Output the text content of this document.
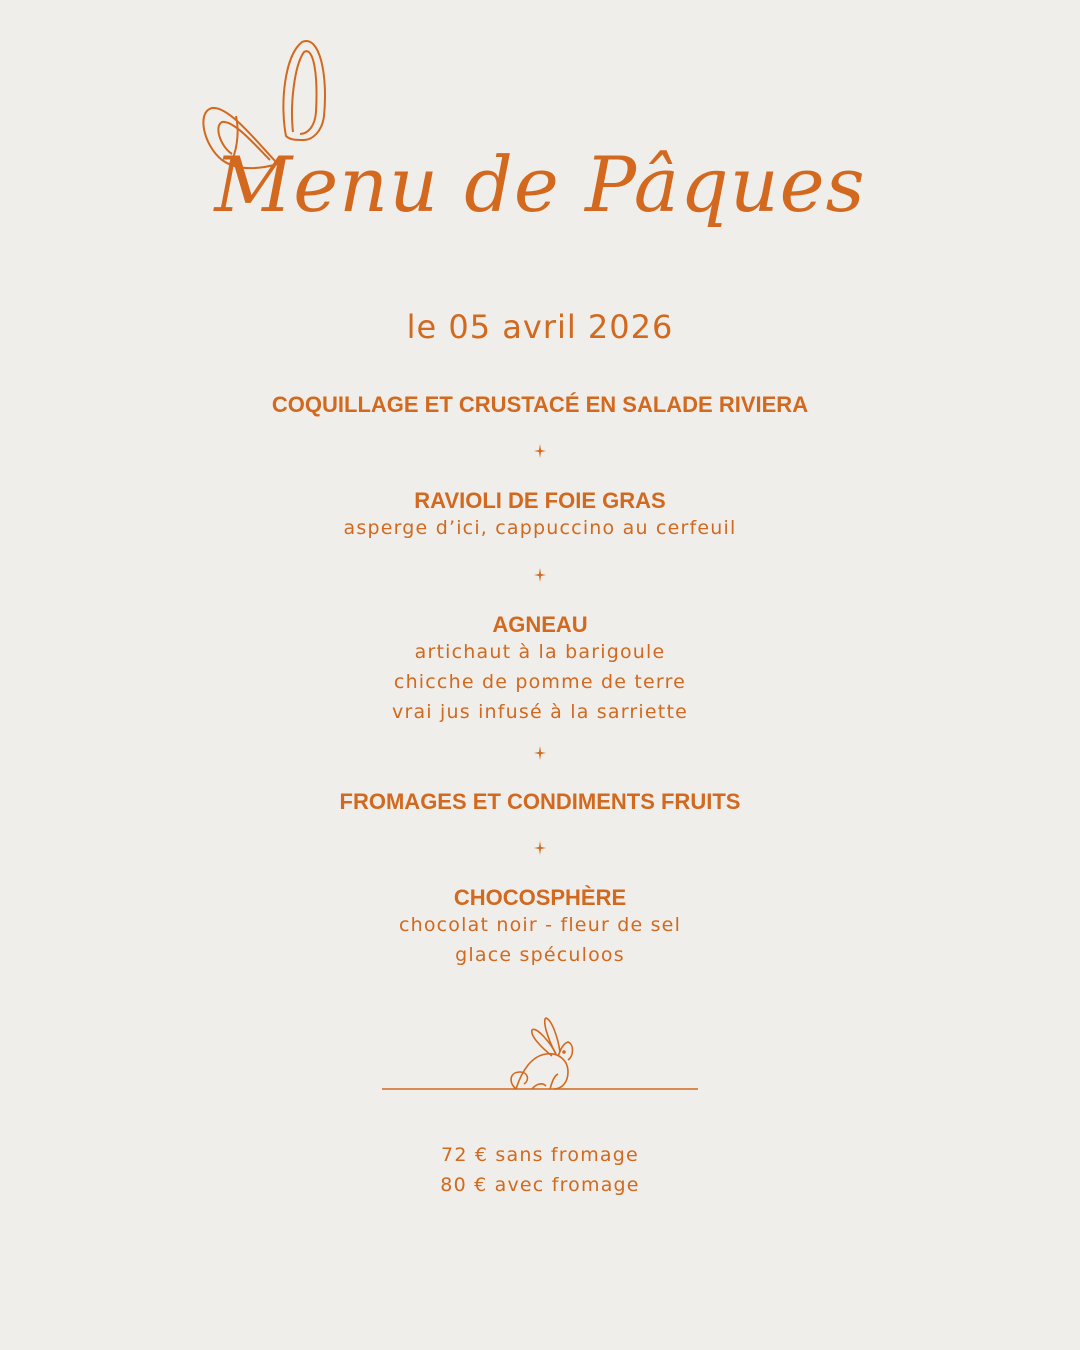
Menu de Pâques
le 05 avril 2026
COQUILLAGE ET CRUSTACÉ EN SALADE RIVIERA
RAVIOLI DE FOIE GRAS
asperge d’ici, cappuccino au cerfeuil
AGNEAU
artichaut à la barigoule
chicche de pomme de terre
vrai jus infusé à la sarriette
FROMAGES ET CONDIMENTS FRUITS
CHOCOSPHÈRE
chocolat noir - fleur de sel
glace spéculoos
72 € sans fromage
80 € avec fromage
